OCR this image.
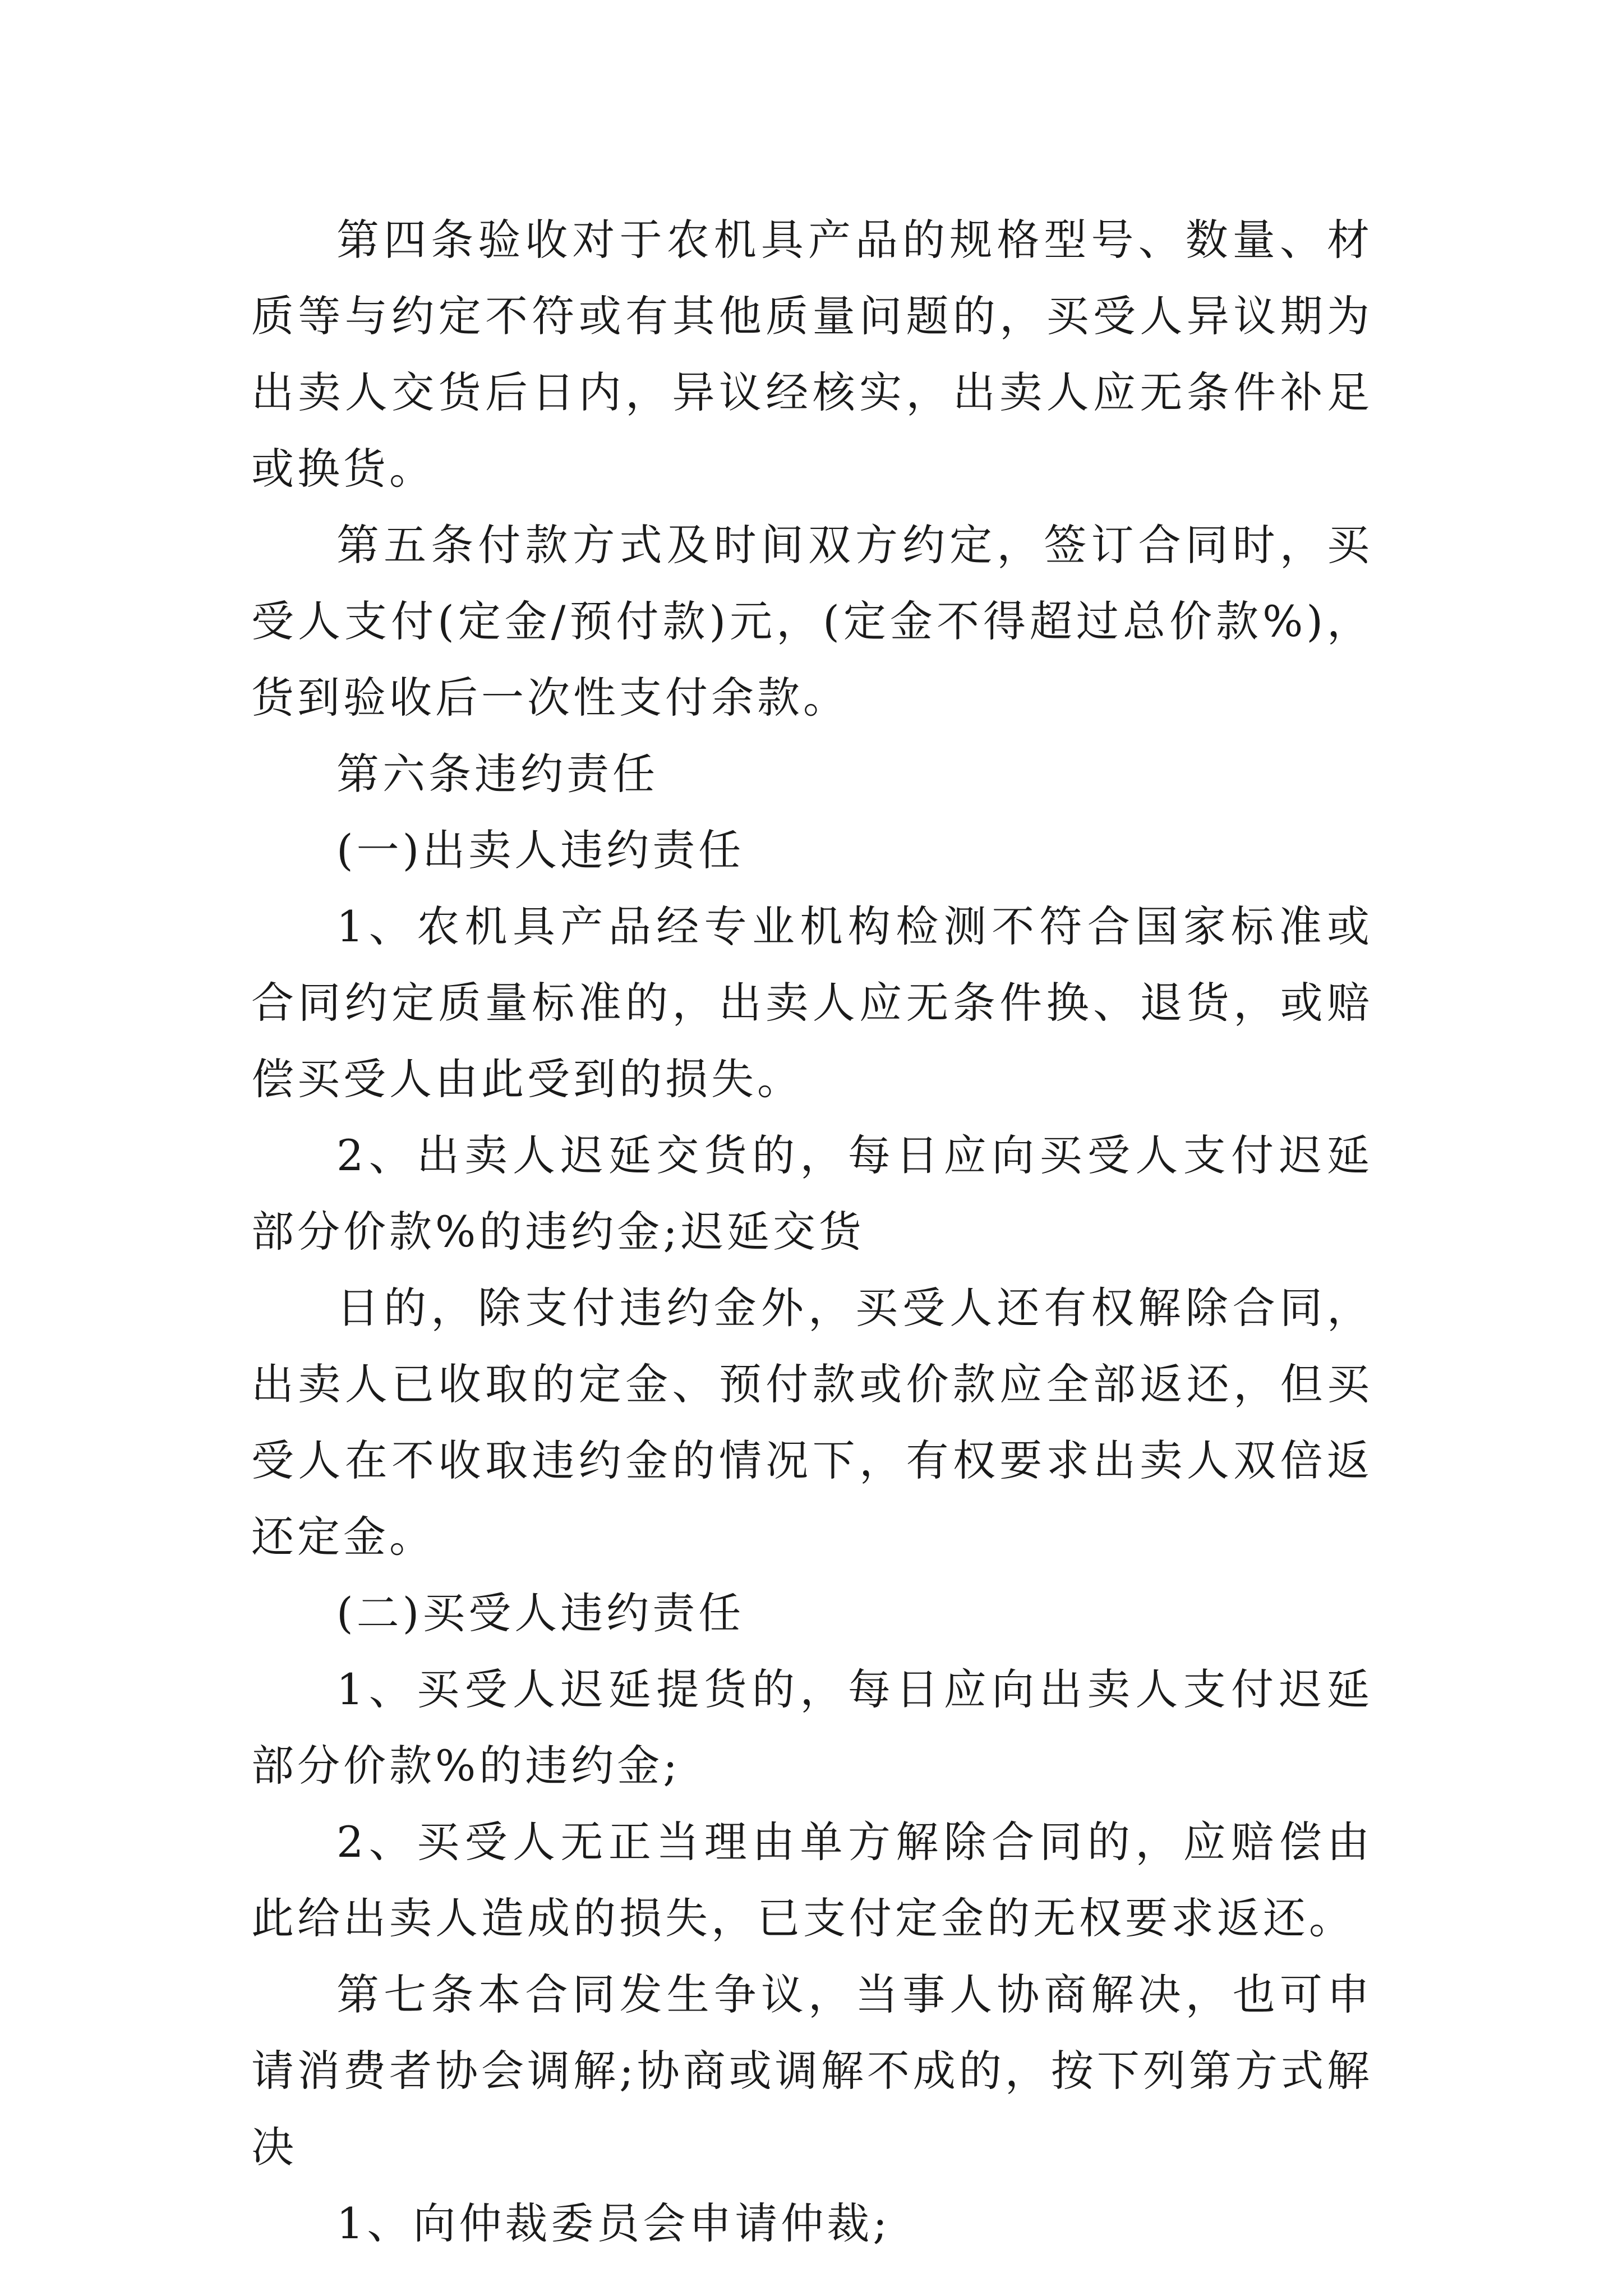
第四条验收对于农机具产品的规格型号、数量、材质等与约定不符或有其他质量问题的，买受人异议期为出卖人交货后日内，异议经核实，出卖人应无条件补足或换货。

第五条付款方式及时间双方约定，签订合同时，买受人支付(定金/预付款)元，(定金不得超过总价款%)，货到验收后一次性支付余款。

第六条违约责任

(一)出卖人违约责任

1、农机具产品经专业机构检测不符合国家标准或合同约定质量标准的，出卖人应无条件换、退货，或赔偿买受人由此受到的损失。

2、出卖人迟延交货的，每日应向买受人支付迟延部分价款%的违约金;迟延交货

日的，除支付违约金外，买受人还有权解除合同，出卖人已收取的定金、预付款或价款应全部返还，但买受人在不收取违约金的情况下，有权要求出卖人双倍返还定金。

(二)买受人违约责任

1、买受人迟延提货的，每日应向出卖人支付迟延部分价款%的违约金;

2、买受人无正当理由单方解除合同的，应赔偿由此给出卖人造成的损失，已支付定金的无权要求返还。

第七条本合同发生争议，当事人协商解决，也可申请消费者协会调解;协商或调解不成的，按下列第方式解决

1、向仲裁委员会申请仲裁;
